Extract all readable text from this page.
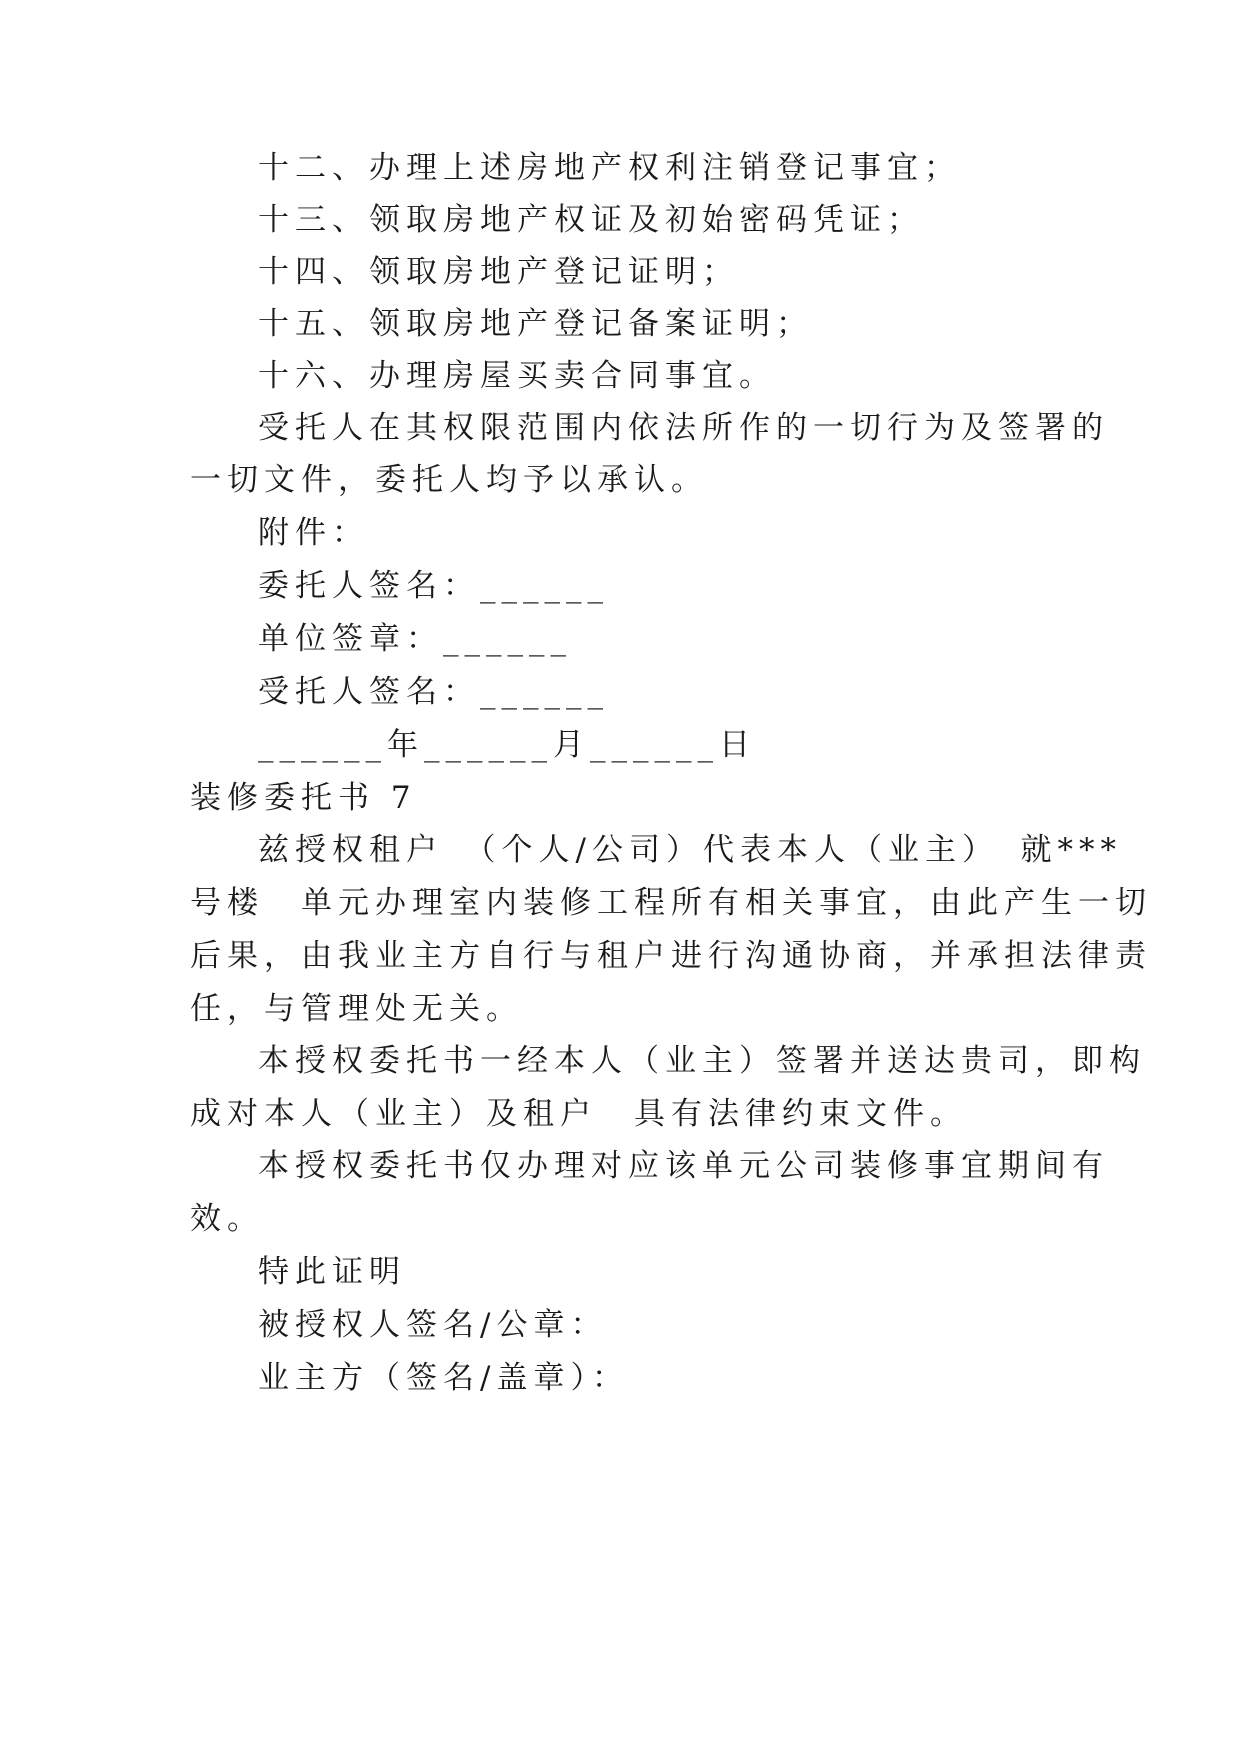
十二、办理上述房地产权利注销登记事宜；

十三、领取房地产权证及初始密码凭证；

十四、领取房地产登记证明；

十五、领取房地产登记备案证明；

十六、办理房屋买卖合同事宜。

受托人在其权限范围内依法所作的一切行为及签署的

一切文件，委托人均予以承认。

附件：

委托人签名：______

单位签章：______

受托人签名：______

______年______月______日

装修委托书 7

兹授权租户　（个人/公司）代表本人（业主）　就***

号楼　单元办理室内装修工程所有相关事宜，由此产生一切

后果，由我业主方自行与租户进行沟通协商，并承担法律责

任，与管理处无关。

本授权委托书一经本人（业主）签署并送达贵司，即构

成对本人（业主）及租户　具有法律约束文件。

本授权委托书仅办理对应该单元公司装修事宜期间有

效。

特此证明

被授权人签名/公章：

业主方（签名/盖章）：
